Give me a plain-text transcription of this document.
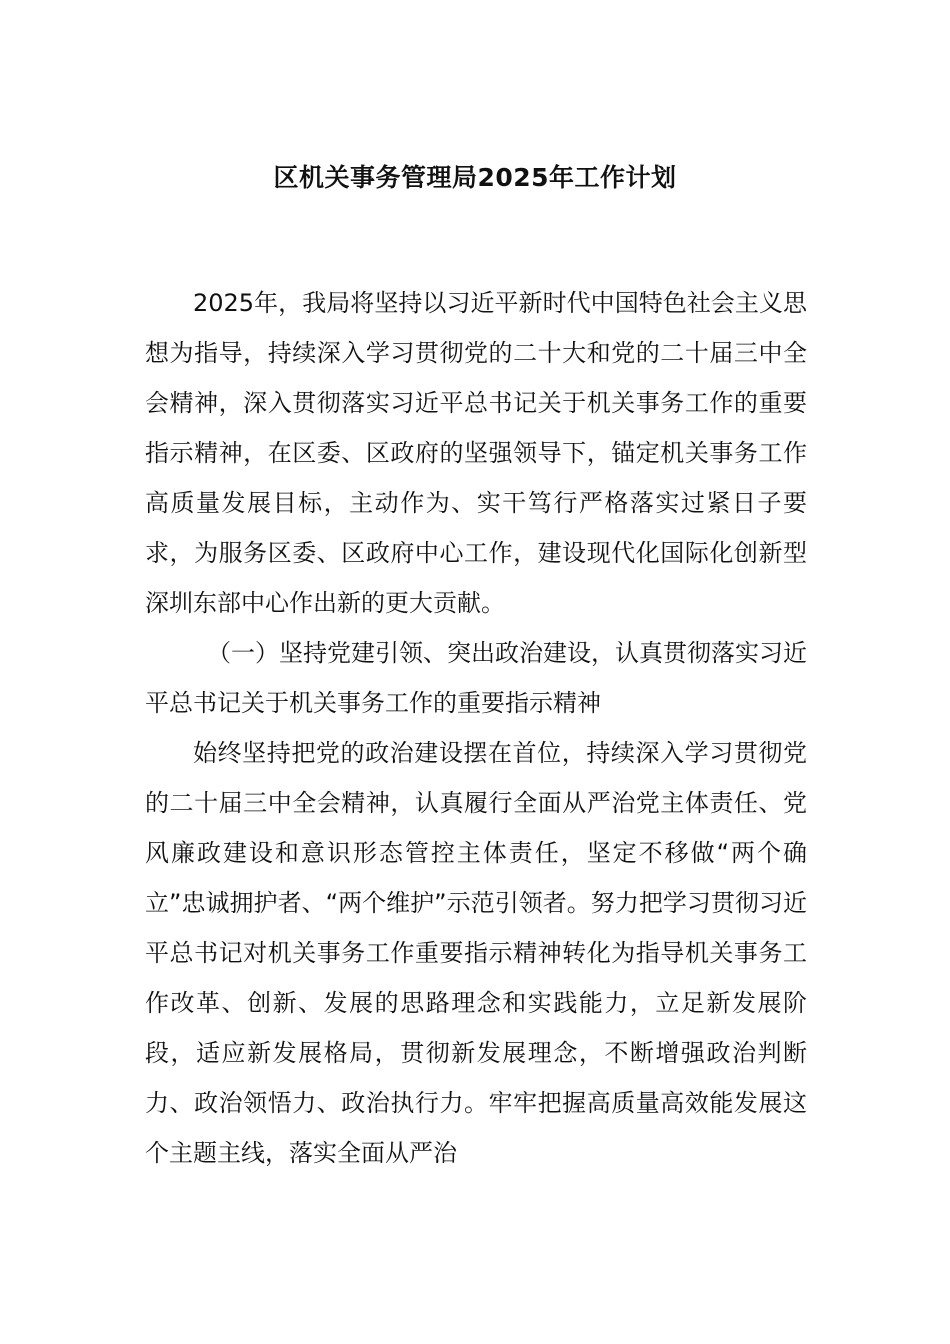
区机关事务管理局2025年工作计划

2025年，我局将坚持以习近平新时代中国特色社会主义思想为指导，持续深入学习贯彻党的二十大和党的二十届三中全会精神，深入贯彻落实习近平总书记关于机关事务工作的重要指示精神，在区委、区政府的坚强领导下，锚定机关事务工作高质量发展目标，主动作为、实干笃行严格落实过紧日子要求，为服务区委、区政府中心工作，建设现代化国际化创新型深圳东部中心作出新的更大贡献。

（一）坚持党建引领、突出政治建设，认真贯彻落实习近平总书记关于机关事务工作的重要指示精神

始终坚持把党的政治建设摆在首位，持续深入学习贯彻党的二十届三中全会精神，认真履行全面从严治党主体责任、党风廉政建设和意识形态管控主体责任，坚定不移做“两个确立”忠诚拥护者、“两个维护”示范引领者。努力把学习贯彻习近平总书记对机关事务工作重要指示精神转化为指导机关事务工作改革、创新、发展的思路理念和实践能力，立足新发展阶段，适应新发展格局，贯彻新发展理念，不断增强政治判断力、政治领悟力、政治执行力。牢牢把握高质量高效能发展这个主题主线，落实全面从严治
